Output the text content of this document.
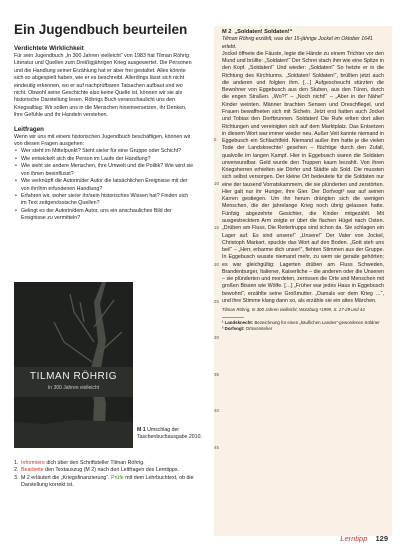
Ein Jugendbuch beurteilen

Verdichtete Wirklichkeit

Für sein Jugendbuch „In 300 Jahren vielleicht“ von 1983 hat Tilman Röhrig Literatur und Quellen zum Dreißigjährigen Krieg ausgewertet. Die Personen und die Handlung seiner Erzählung hat er aber frei gestaltet. Alles könnte sich so abgespielt haben, wie er es beschreibt. Allerdings lässt sich nicht eindeutig erkennen, wo er auf nachprüfbaren Tatsachen aufbaut und wo nicht. Obwohl seine Geschichte also keine Quelle ist, können wir sie als historische Darstellung lesen. Röhrigs Buch veranschaulicht uns den Kriegsalltag: Wir sollen uns in die Menschen hineinversetzen, ihr Denken, ihre Gefühle und ihr Handeln verstehen.

Leitfragen

Wenn wir uns mit einem historischen Jugendbuch beschäftigen, können wir von diesen Fragen ausgehen:

• Wer steht im Mittelpunkt? Steht sie/er für eine Gruppe oder Schicht?
• Wie entwickelt sich die Person im Laufe der Handlung?
• Wie sieht sie andere Menschen, ihre Umwelt und die Politik? Wie wird sie von ihnen beeinflusst?
• Wie verknüpft die Autorin/der Autor die tatsächlichen Ereignisse mit der von ihr/ihm erfundenen Handlung?
• Erfahren wir, woher sie/er ihr/sein historisches Wissen hat? Finden sich im Text zeitgenössische Quellen?
• Gelingt es der Autorin/dem Autor, uns ein anschauliches Bild der Ereignisse zu vermitteln?
TILMAN RÖHRIG
In 300 Jahren vielleicht
M 1 Umschlag der Taschenbuchausgabe 2010.
1. Informiere dich über den Schriftsteller Tilman Röhrig.
2. Bearbeite den Textauszug (M 2) nach den Leitfragen des Lerntipps.
3. M 2 erläutert die „Kriegsfinanzierung“. Prüfe mit dem Lehrbuchtext, ob die Darstellung korrekt ist.

M 2 „Soldaten! Soldaten!“

Tilman Röhrig erzählt, was der 15-jährige Jockel im Oktober 1641 erlebt.

Jockel öffnete die Fäuste, legte die Hände zu einem Trichter vor den Mund und brüllte: „Soldaten!“ Der Schrei stach ihm wie eine Spitze in den Kopf. „Soldaten!“ Und wieder: „Soldaten!“ So hetzte er in die Richtung des Kirchturms. „Soldaten! Soldaten!“, brüllten jetzt auch die anderen und folgten ihm. […] Aufgescheucht stürzten die Bewohner von Eggebusch aus den Stuben, aus den Türen, durch die engen Straßen. „Wo?!“ – „Noch nicht!“ – „Aber in der Nähe!“ Kinder weinten. Männer brachten Sensen und Dreschflegel, und Frauen bewaffneten sich mit Sicheln. Jetzt erst hatten auch Jockel und Tobias den Dorfbrunnen. Soldaten! Die Rufe erlten dort allen Richtungen und vereinigten sich auf dem Marktplatz. Das Entsetzen in diesem Wort war immer wieder neu. Außer Veit kannte niemand in Eggebusch ein Schlachtfeld. Niemand außer ihm hatte je die vielen Tode der Landsknechte¹ gesehen – flüchtige durch den Zufall, qualvolle im langen Kampf. Hier in Eggebusch waren die Soldaten unverwundbar. Geld wurde den Truppen kaum bezahlt. Von ihren Kriegsherren erhielten sie Dörfer und Städte als Sold. Die mussten sich selbst versorgen. Der kleine Ort bedeutete für die Soldaten nur eine der tausend Vorratskammern, die sie plünderten und zerstörten. Hier galt nur ihr Hunger, ihre Gier. Der Dorfvogt² war auf seinen Karren gestiegen. Um ihn herum drängten sich die wenigen Menschen, die der jahrelange Krieg noch übrig gelassen hatte. Fünfzig abgezehrte Gesichter, die Kinder mitgezählt. Mit ausgestrecktem Arm zeigte er über die flachen Hügel nach Osten. „Drüben am Fluss. Die Reitertrupps sind schon da. Sie schlagen ein Lager auf. Es sind unsere!“ „Unsere!“ Der Vater von Jockel, Christoph Markart, spuckte das Wort auf den Boden. „Gott steh uns bei!“ – „Herr, erbarme dich unser!“, flehten Stimmen aus der Gruppe. In Eggebusch wusste niemand mehr, zu wem sie gerade gehörten; es war gleichgültig: Lagerten drüben am Fluss Schweden, Brandenburger, Italiener, Kaiserliche – die anderen oder die Unseren – sie plünderten und mordeten, zerrissen die Orte und Menschen mit großen Bissen wie Wölfe. […] „Früher war jedes Haus in Eggebusch bewohnt“, erzählte seine Großmutter. „Damals vor dem Krieg …“, und ihre Stimme klang dann so, als erzähle sie ein altes Märchen.

Tilman Röhrig, In 300 Jahren vielleicht, Würzburg ⁴1999, S. 27-29 und 43

¹ Landsknecht: Bezeichnung für einen „käuflichen Landes“-gewordenen Söldner

² Dorfvogt: Ortsvorsteher

5
10
15
20
25
30
35
40
45
Lerntipp 129
